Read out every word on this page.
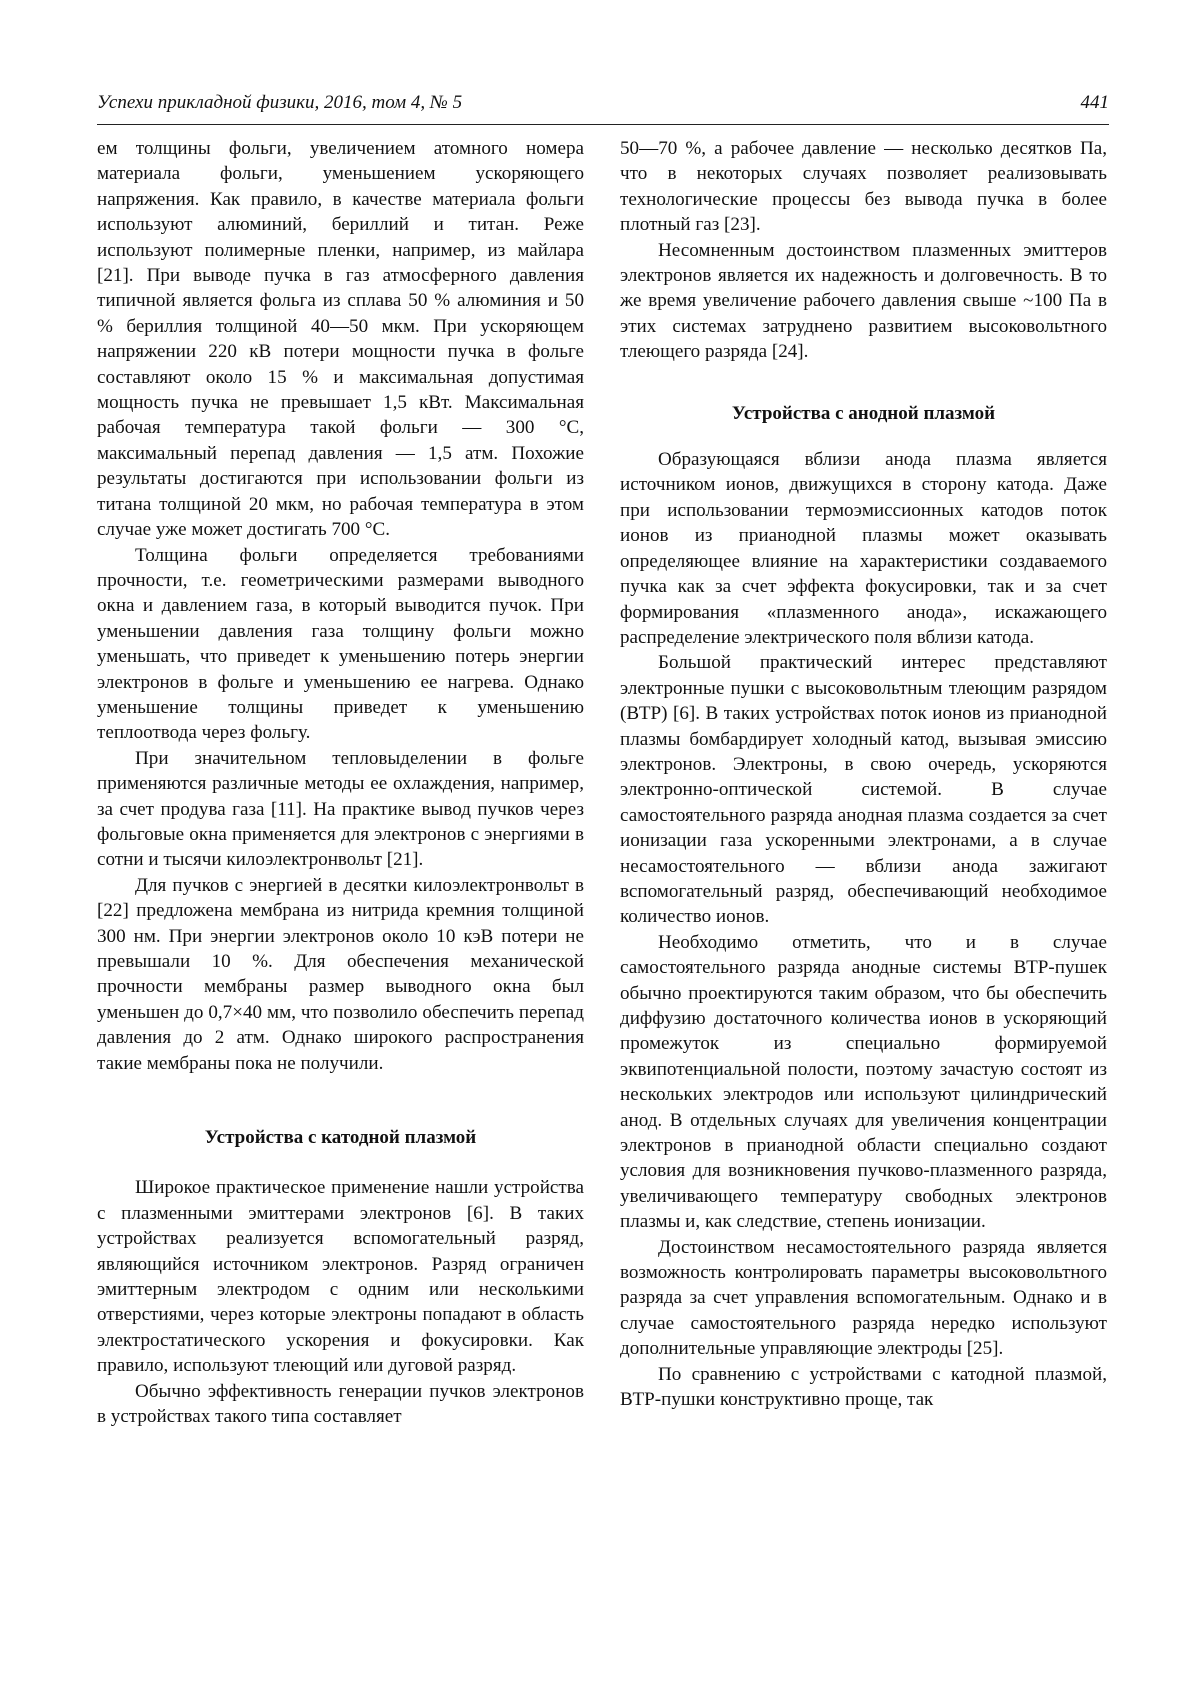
Успехи прикладной физики, 2016, том 4, № 5	441

ем толщины фольги, увеличением атомного номера материала фольги, уменьшением ускоряющего напряжения. Как правило, в качестве материала фольги используют алюминий, бериллий и титан. Реже используют полимерные пленки, например, из майлара [21]. При выводе пучка в газ атмосферного давления типичной является фольга из сплава 50 % алюминия и 50 % бериллия толщиной 40—50 мкм. При ускоряющем напряжении 220 кВ потери мощности пучка в фольге составляют около 15 % и максимальная допустимая мощность пучка не превышает 1,5 кВт. Максимальная рабочая температура такой фольги — 300 °С, максимальный перепад давления — 1,5 атм. Похожие результаты достигаются при использовании фольги из титана толщиной 20 мкм, но рабочая температура в этом случае уже может достигать 700 °С.

Толщина фольги определяется требованиями прочности, т.е. геометрическими размерами выводного окна и давлением газа, в который выводится пучок. При уменьшении давления газа толщину фольги можно уменьшать, что приведет к уменьшению потерь энергии электронов в фольге и уменьшению ее нагрева. Однако уменьшение толщины приведет к уменьшению теплоотвода через фольгу.

При значительном тепловыделении в фольге применяются различные методы ее охлаждения, например, за счет продува газа [11]. На практике вывод пучков через фольговые окна применяется для электронов с энергиями в сотни и тысячи килоэлектронвольт [21].

Для пучков с энергией в десятки килоэлектронвольт в [22] предложена мембрана из нитрида кремния толщиной 300 нм. При энергии электронов около 10 кэВ потери не превышали 10 %. Для обеспечения механической прочности мембраны размер выводного окна был уменьшен до 0,7×40 мм, что позволило обеспечить перепад давления до 2 атм. Однако широкого распространения такие мембраны пока не получили.

Устройства с катодной плазмой

Широкое практическое применение нашли устройства с плазменными эмиттерами электронов [6]. В таких устройствах реализуется вспомогательный разряд, являющийся источником электронов. Разряд ограничен эмиттерным электродом с одним или несколькими отверстиями, через которые электроны попадают в область электростатического ускорения и фокусировки. Как правило, используют тлеющий или дуговой разряд.

Обычно эффективность генерации пучков электронов в устройствах такого типа составляет

50—70 %, а рабочее давление — несколько десятков Па, что в некоторых случаях позволяет реализовывать технологические процессы без вывода пучка в более плотный газ [23].

Несомненным достоинством плазменных эмиттеров электронов является их надежность и долговечность. В то же время увеличение рабочего давления свыше ~100 Па в этих системах затруднено развитием высоковольтного тлеющего разряда [24].

Устройства с анодной плазмой

Образующаяся вблизи анода плазма является источником ионов, движущихся в сторону катода. Даже при использовании термоэмиссионных катодов поток ионов из прианодной плазмы может оказывать определяющее влияние на характеристики создаваемого пучка как за счет эффекта фокусировки, так и за счет формирования «плазменного анода», искажающего распределение электрического поля вблизи катода.

Большой практический интерес представляют электронные пушки с высоковольтным тлеющим разрядом (ВТР) [6]. В таких устройствах поток ионов из прианодной плазмы бомбардирует холодный катод, вызывая эмиссию электронов. Электроны, в свою очередь, ускоряются электронно-оптической системой. В случае самостоятельного разряда анодная плазма создается за счет ионизации газа ускоренными электронами, а в случае несамостоятельного — вблизи анода зажигают вспомогательный разряд, обеспечивающий необходимое количество ионов.

Необходимо отметить, что и в случае самостоятельного разряда анодные системы ВТР-пушек обычно проектируются таким образом, что бы обеспечить диффузию достаточного количества ионов в ускоряющий промежуток из специально формируемой эквипотенциальной полости, поэтому зачастую состоят из нескольких электродов или используют цилиндрический анод. В отдельных случаях для увеличения концентрации электронов в прианодной области специально создают условия для возникновения пучково-плазменного разряда, увеличивающего температуру свободных электронов плазмы и, как следствие, степень ионизации.

Достоинством несамостоятельного разряда является возможность контролировать параметры высоковольтного разряда за счет управления вспомогательным. Однако и в случае самостоятельного разряда нередко используют дополнительные управляющие электроды [25].

По сравнению с устройствами с катодной плазмой, ВТР-пушки конструктивно проще, так
